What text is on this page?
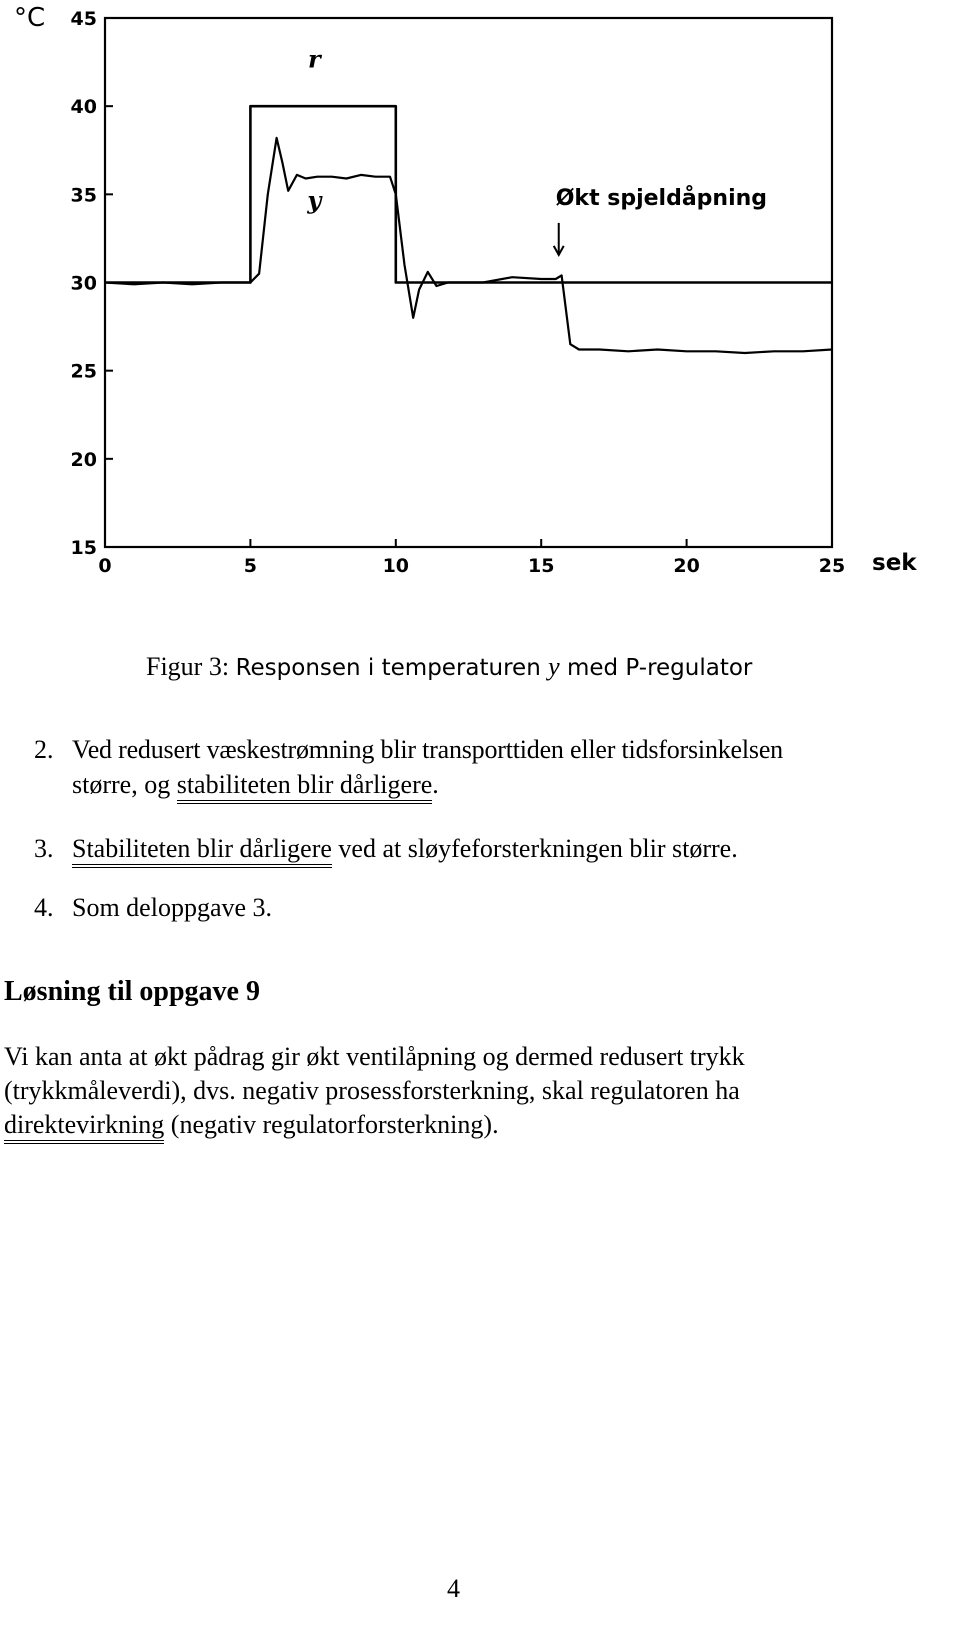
0	5	10	15	20	25
15
20
25
30
35
40
45
r
y	Økt spjeldåpning
°C
sek
Figur 3: Responsen i temperaturen y med P-regulator
2. Ved redusert væskestrømning blir transporttiden eller tidsforsinkelsen
større, og stabiliteten blir dårligere.
3. Stabiliteten blir dårligere ved at sløyfeforsterkningen blir større.
4. Som deloppgave 3.
Løsning til oppgave 9
Vi kan anta at økt pådrag gir økt ventilåpning og dermed redusert trykk
(trykkmåleverdi), dvs. negativ prosessforsterkning, skal regulatoren ha
direktevirkning (negativ regulatorforsterkning).
4
